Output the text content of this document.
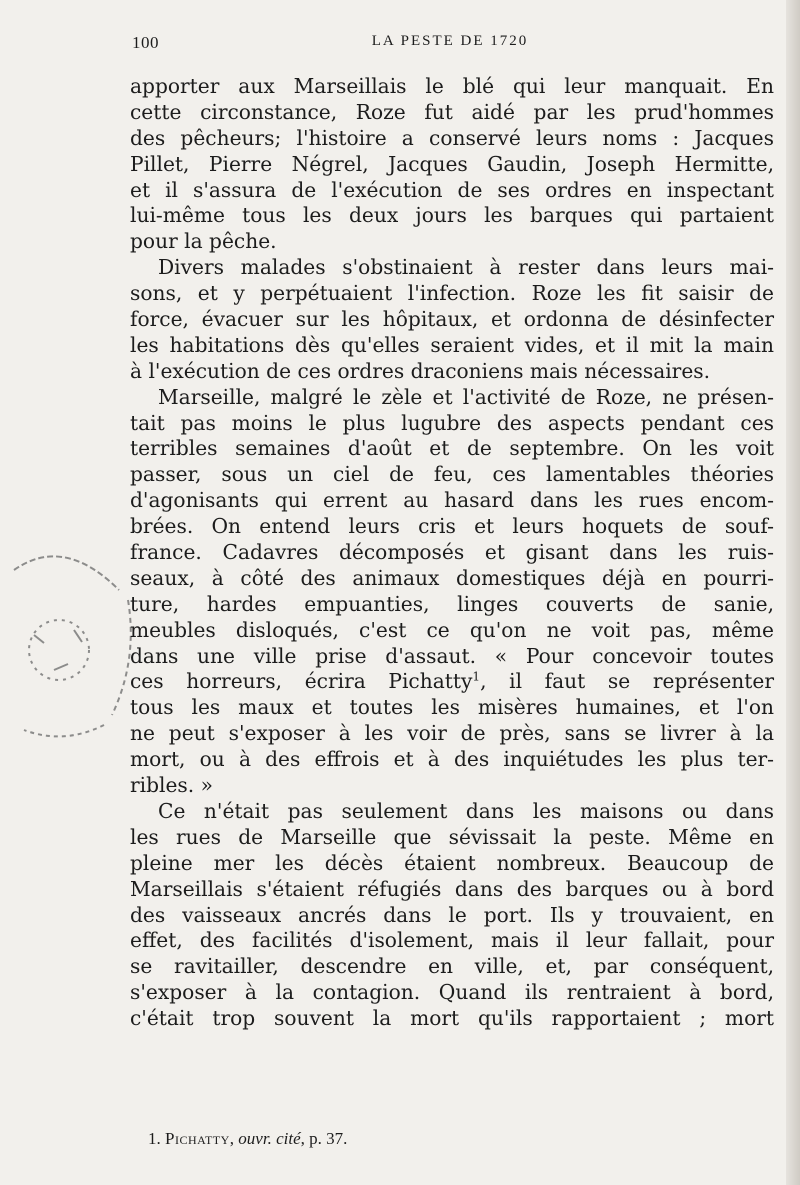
100	LA PESTE DE 1720
apporter aux Marseillais le blé qui leur manquait. En
cette circonstance, Roze fut aidé par les prud'hommes
des pêcheurs; l'histoire a conservé leurs noms : Jacques
Pillet, Pierre Négrel, Jacques Gaudin, Joseph Hermitte,
et il s'assura de l'exécution de ses ordres en inspectant
lui-même tous les deux jours les barques qui partaient
pour la pêche.
Divers malades s'obstinaient à rester dans leurs mai-
sons, et y perpétuaient l'infection. Roze les fit saisir de
force, évacuer sur les hôpitaux, et ordonna de désinfecter
les habitations dès qu'elles seraient vides, et il mit la main
à l'exécution de ces ordres draconiens mais nécessaires.
Marseille, malgré le zèle et l'activité de Roze, ne présen-
tait pas moins le plus lugubre des aspects pendant ces
terribles semaines d'août et de septembre. On les voit
passer, sous un ciel de feu, ces lamentables théories
d'agonisants qui errent au hasard dans les rues encom-
brées. On entend leurs cris et leurs hoquets de souf-
france. Cadavres décomposés et gisant dans les ruis-
seaux, à côté des animaux domestiques déjà en pourri-
ture, hardes empuanties, linges couverts de sanie,
meubles disloqués, c'est ce qu'on ne voit pas, même
dans une ville prise d'assaut. « Pour concevoir toutes
ces horreurs, écrira Pichatty$^1$, il faut se représenter
tous les maux et toutes les misères humaines, et l'on
ne peut s'exposer à les voir de près, sans se livrer à la
mort, ou à des effrois et à des inquiétudes les plus ter-
ribles. »
Ce n'était pas seulement dans les maisons ou dans
les rues de Marseille que sévissait la peste. Même en
pleine mer les décès étaient nombreux. Beaucoup de
Marseillais s'étaient réfugiés dans des barques ou à bord
des vaisseaux ancrés dans le port. Ils y trouvaient, en
effet, des facilités d'isolement, mais il leur fallait, pour
se ravitailler, descendre en ville, et, par conséquent,
s'exposer à la contagion. Quand ils rentraient à bord,
c'était trop souvent la mort qu'ils rapportaient ; mort
1. Pichatty, ouvr. cité, p. 37.
